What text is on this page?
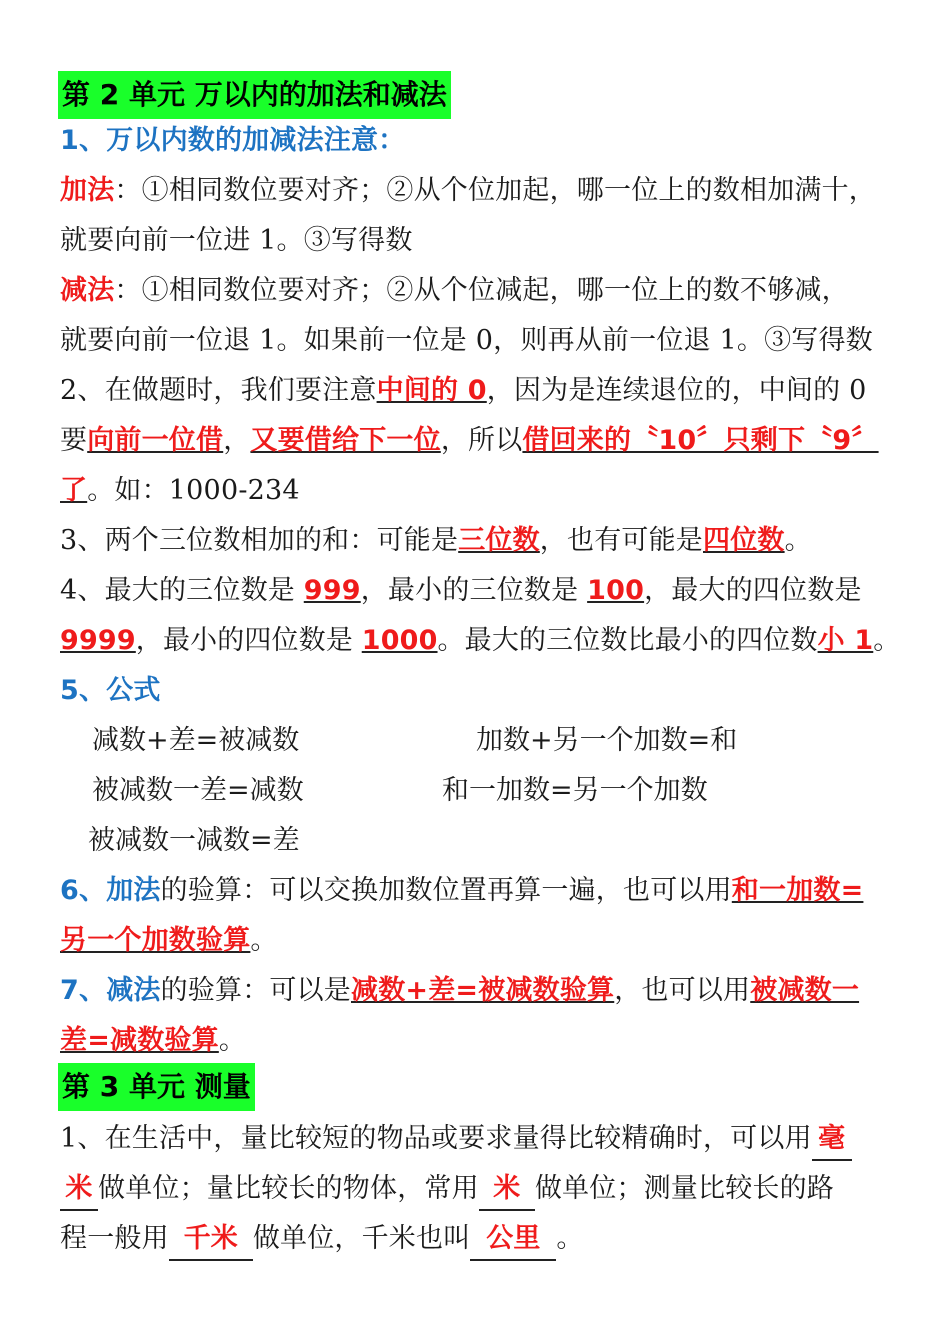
第 2 单元 万以内的加法和减法
1、万以内数的加减法注意：
加法：①相同数位要对齐；②从个位加起，哪一位上的数相加满十，
就要向前一位进 1。③写得数
减法：①相同数位要对齐；②从个位减起，哪一位上的数不够减，
就要向前一位退 1。如果前一位是 0，则再从前一位退 1。③写得数
2、在做题时，我们要注意中间的 0，因为是连续退位的，中间的 0
要向前一位借，又要借给下一位，所以借回来的〝10〞只剩下〝9〞
了。如：1000-234
3、两个三位数相加的和：可能是三位数，也有可能是四位数。
4、最大的三位数是 999，最小的三位数是 100，最大的四位数是
9999，最小的四位数是 1000。最大的三位数比最小的四位数小 1。
5、公式
减数+差=被减数	加数+另一个加数=和
被减数一差=减数	和一加数=另一个加数
被减数一减数=差
6、加法的验算：可以交换加数位置再算一遍，也可以用和一加数=
另一个加数验算。
7、减法的验算：可以是减数+差=被减数验算，也可以用被减数一
差=减数验算。
第 3 单元 测量
1、在生活中，量比较短的物品或要求量得比较精确时，可以用 毫
米 做单位；量比较长的物体，常用 米 做单位；测量比较长的路
程一般用 千米 做单位，千米也叫 公里 。
